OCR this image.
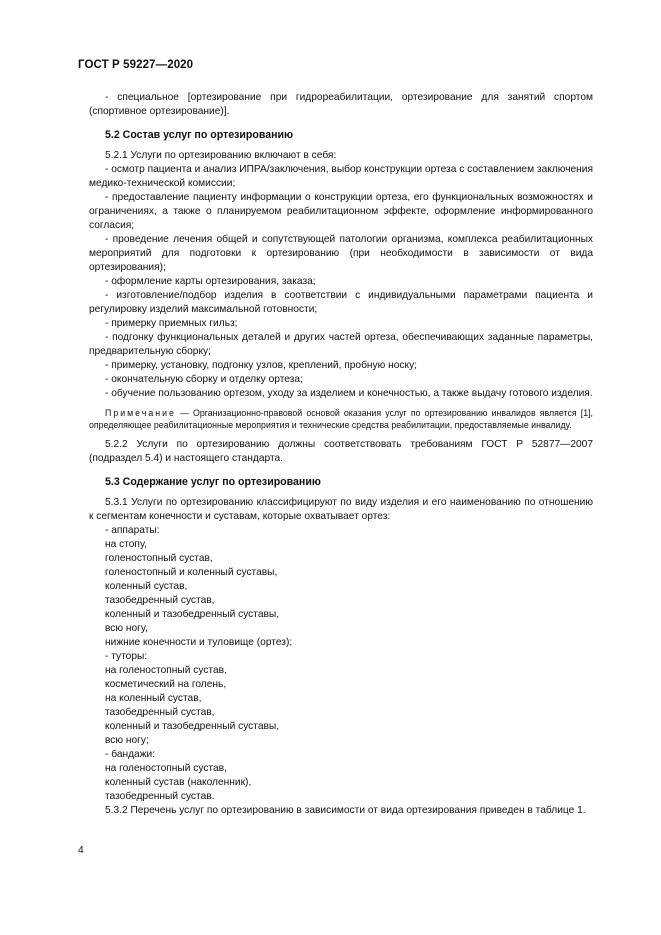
ГОСТ Р 59227—2020

- специальное [ортезирование при гидрореабилитации, ортезирование для занятий спортом (спортивное ортезирование)].

5.2 Состав услуг по ортезированию

5.2.1 Услуги по ортезированию включают в себя:

- осмотр пациента и анализ ИПРА/заключения, выбор конструкции ортеза с составлением заключения медико-технической комиссии;

- предоставление пациенту информации о конструкции ортеза, его функциональных возможностях и ограничениях, а также о планируемом реабилитационном эффекте, оформление информированного согласия;

- проведение лечения общей и сопутствующей патологии организма, комплекса реабилитационных мероприятий для подготовки к ортезированию (при необходимости в зависимости от вида ортезирования);

- оформление карты ортезирования, заказа;

- изготовление/подбор изделия в соответствии с индивидуальными параметрами пациента и регулировку изделий максимальной готовности;

- примерку приемных гильз;

- подгонку функциональных деталей и других частей ортеза, обеспечивающих заданные параметры, предварительную сборку;

- примерку, установку, подгонку узлов, креплений, пробную носку;

- окончательную сборку и отделку ортеза;

- обучение пользованию ортезом, уходу за изделием и конечностью, а также выдачу готового изделия.

Примечание — Организационно-правовой основой оказания услуг по ортезированию инвалидов является [1], определяющее реабилитационные мероприятия и технические средства реабилитации, предоставляемые инвалиду.

5.2.2 Услуги по ортезированию должны соответствовать требованиям ГОСТ Р 52877—2007 (подраздел 5.4) и настоящего стандарта.

5.3 Содержание услуг по ортезированию

5.3.1 Услуги по ортезированию классифицируют по виду изделия и его наименованию по отношению к сегментам конечности и суставам, которые охватывает ортез:

- аппараты:

на стопу,

голеностопный сустав,

голеностопный и коленный суставы,

коленный сустав,

тазобедренный сустав,

коленный и тазобедренный суставы,

всю ногу,

нижние конечности и туловище (ортез);

- туторы:

на голеностопный сустав,

косметический на голень,

на коленный сустав,

тазобедренный сустав,

коленный и тазобедренный суставы,

всю ногу;

- бандажи:

на голеностопный сустав,

коленный сустав (наколенник),

тазобедренный сустав.

5.3.2 Перечень услуг по ортезированию в зависимости от вида ортезирования приведен в таблице 1.

4
